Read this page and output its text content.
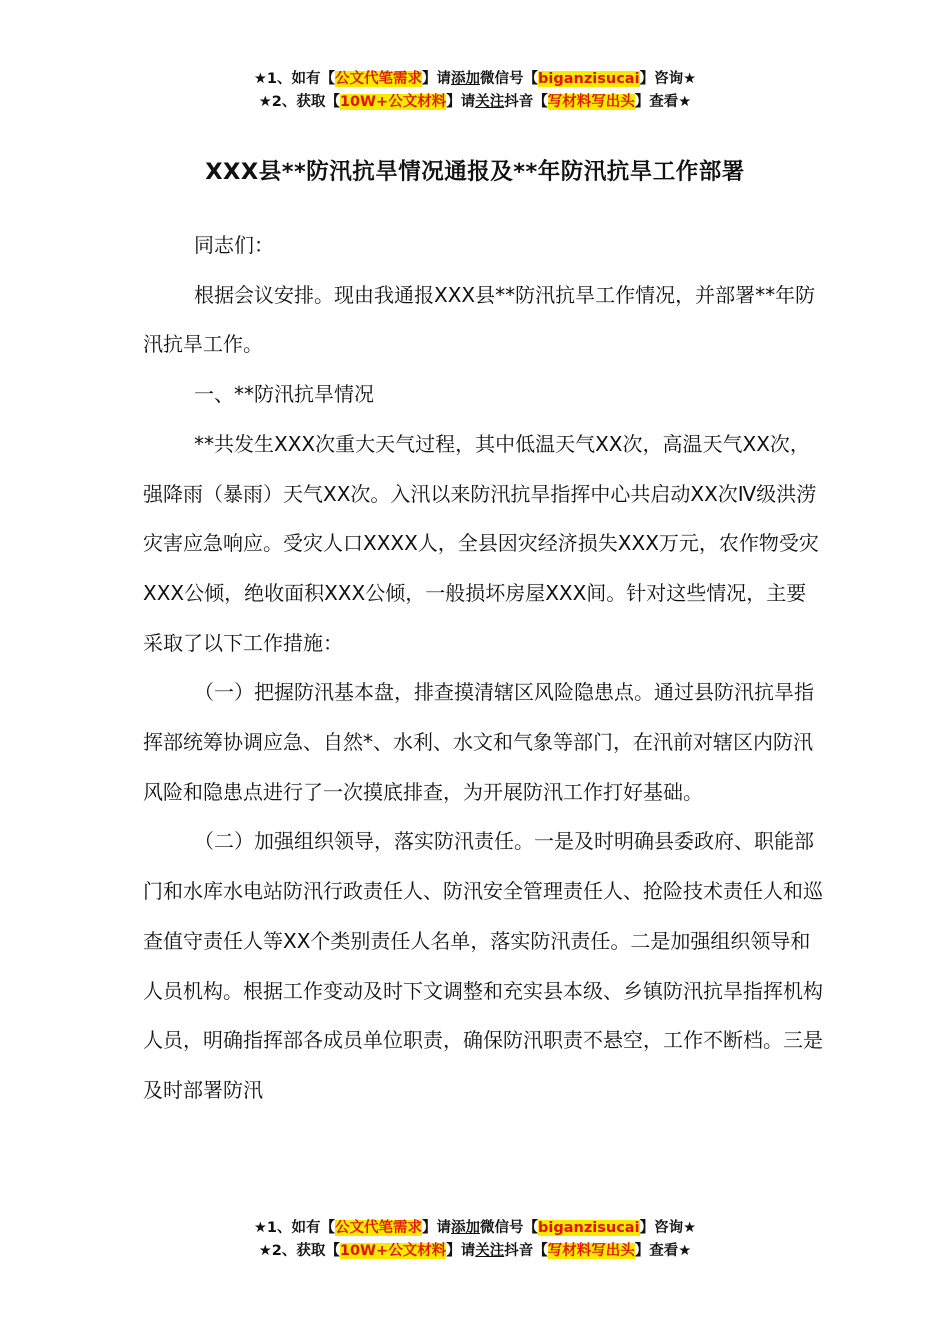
★1、如有【公文代笔需求】请添加微信号【biganzisucai】咨询★
★2、获取【10W+公文材料】请关注抖音【写材料写出头】查看★
XXX县**防汛抗旱情况通报及**年防汛抗旱工作部署

同志们：

根据会议安排。现由我通报XXX县**防汛抗旱工作情况，并部署**年防汛抗旱工作。

一、**防汛抗旱情况

**共发生XXX次重大天气过程，其中低温天气XX次，高温天气XX次，强降雨（暴雨）天气XX次。入汛以来防汛抗旱指挥中心共启动XX次Ⅳ级洪涝灾害应急响应。受灾人口XXXX人，全县因灾经济损失XXX万元，农作物受灾XXX公倾，绝收面积XXX公倾，一般损坏房屋XXX间。针对这些情况，主要采取了以下工作措施：

（一）把握防汛基本盘，排查摸清辖区风险隐患点。通过县防汛抗旱指挥部统筹协调应急、自然*、水利、水文和气象等部门，在汛前对辖区内防汛风险和隐患点进行了一次摸底排查，为开展防汛工作打好基础。

（二）加强组织领导，落实防汛责任。一是及时明确县委政府、职能部门和水库水电站防汛行政责任人、防汛安全管理责任人、抢险技术责任人和巡查值守责任人等XX个类别责任人名单，落实防汛责任。二是加强组织领导和人员机构。根据工作变动及时下文调整和充实县本级、乡镇防汛抗旱指挥机构人员，明确指挥部各成员单位职责，确保防汛职责不悬空，工作不断档。三是及时部署防汛

★1、如有【公文代笔需求】请添加微信号【biganzisucai】咨询★
★2、获取【10W+公文材料】请关注抖音【写材料写出头】查看★
